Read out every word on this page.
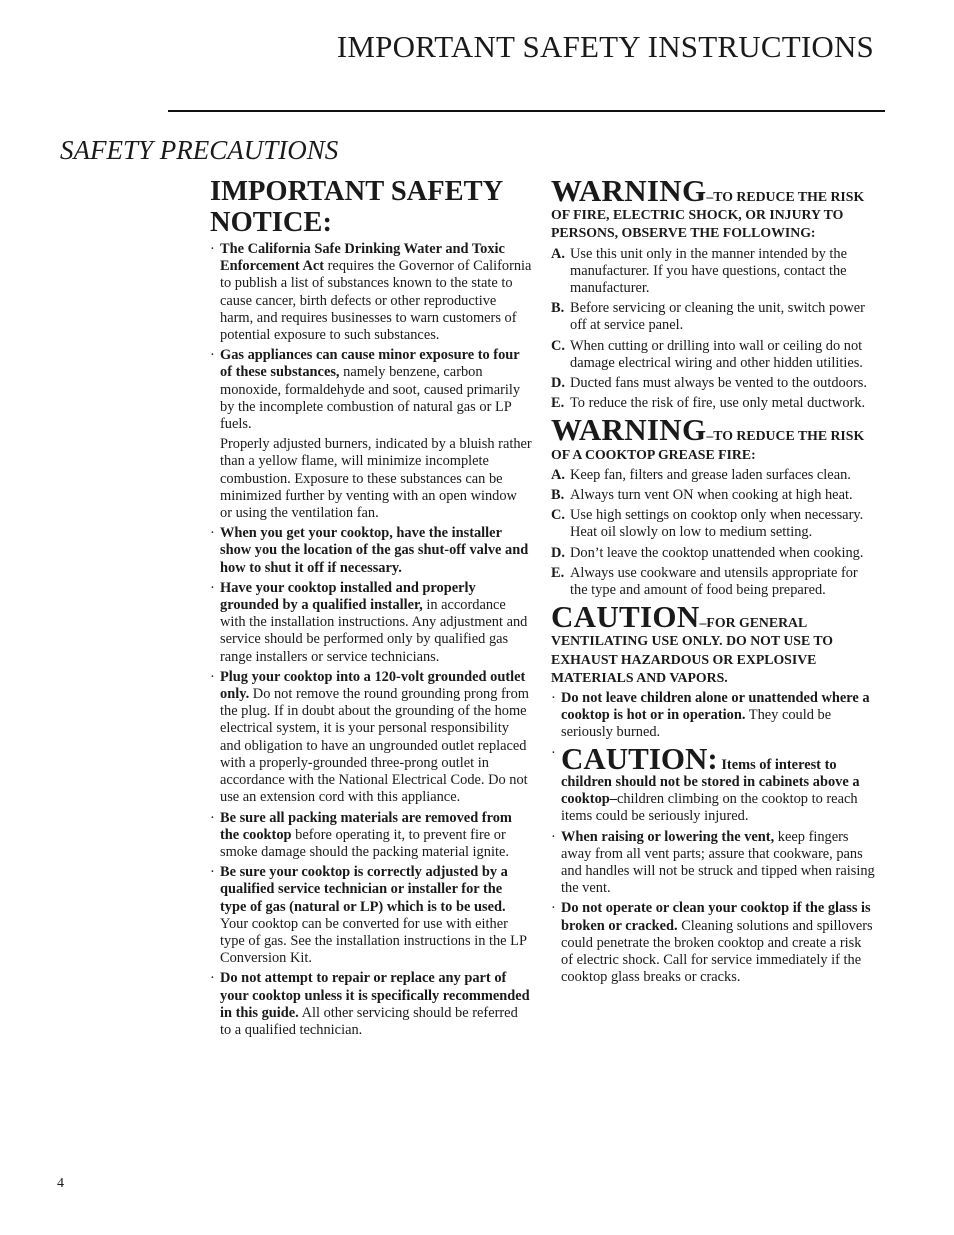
IMPORTANT SAFETY INSTRUCTIONS
SAFETY PRECAUTIONS
IMPORTANT SAFETY NOTICE:
· The California Safe Drinking Water and Toxic Enforcement Act requires the Governor of California to publish a list of substances known to the state to cause cancer, birth defects or other reproductive harm, and requires businesses to warn customers of potential exposure to such substances.
· Gas appliances can cause minor exposure to four of these substances, namely benzene, carbon monoxide, formaldehyde and soot, caused primarily by the incomplete combustion of natural gas or LP fuels.
Properly adjusted burners, indicated by a bluish rather than a yellow flame, will minimize incomplete combustion. Exposure to these substances can be minimized further by venting with an open window or using the ventilation fan.
· When you get your cooktop, have the installer show you the location of the gas shut-off valve and how to shut it off if necessary.
· Have your cooktop installed and properly grounded by a qualified installer, in accordance with the installation instructions. Any adjustment and service should be performed only by qualified gas range installers or service technicians.
· Plug your cooktop into a 120-volt grounded outlet only. Do not remove the round grounding prong from the plug. If in doubt about the grounding of the home electrical system, it is your personal responsibility and obligation to have an ungrounded outlet replaced with a properly-grounded three-prong outlet in accordance with the National Electrical Code. Do not use an extension cord with this appliance.
· Be sure all packing materials are removed from the cooktop before operating it, to prevent fire or smoke damage should the packing material ignite.
· Be sure your cooktop is correctly adjusted by a qualified service technician or installer for the type of gas (natural or LP) which is to be used. Your cooktop can be converted for use with either type of gas. See the installation instructions in the LP Conversion Kit.
· Do not attempt to repair or replace any part of your cooktop unless it is specifically recommended in this guide. All other servicing should be referred to a qualified technician.
WARNING–TO REDUCE THE RISK OF FIRE, ELECTRIC SHOCK, OR INJURY TO PERSONS, OBSERVE THE FOLLOWING:
A. Use this unit only in the manner intended by the manufacturer. If you have questions, contact the manufacturer.
B. Before servicing or cleaning the unit, switch power off at service panel.
C. When cutting or drilling into wall or ceiling do not damage electrical wiring and other hidden utilities.
D. Ducted fans must always be vented to the outdoors.
E. To reduce the risk of fire, use only metal ductwork.
WARNING–TO REDUCE THE RISK OF A COOKTOP GREASE FIRE:
A. Keep fan, filters and grease laden surfaces clean.
B. Always turn vent ON when cooking at high heat.
C. Use high settings on cooktop only when necessary. Heat oil slowly on low to medium setting.
D. Don’t leave the cooktop unattended when cooking.
E. Always use cookware and utensils appropriate for the type and amount of food being prepared.
CAUTION–FOR GENERAL VENTILATING USE ONLY. DO NOT USE TO EXHAUST HAZARDOUS OR EXPLOSIVE MATERIALS AND VAPORS.
· Do not leave children alone or unattended where a cooktop is hot or in operation. They could be seriously burned.
· CAUTION: Items of interest to children should not be stored in cabinets above a cooktop–children climbing on the cooktop to reach items could be seriously injured.
· When raising or lowering the vent, keep fingers away from all vent parts; assure that cookware, pans and handles will not be struck and tipped when raising the vent.
· Do not operate or clean your cooktop if the glass is broken or cracked. Cleaning solutions and spillovers could penetrate the broken cooktop and create a risk of electric shock. Call for service immediately if the cooktop glass breaks or cracks.
4
